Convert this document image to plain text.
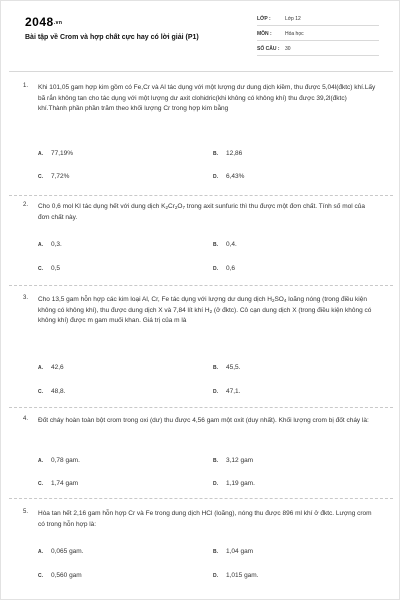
2048.vn
Bài tập về Crom và hợp chất cực hay có lời giải (P1)
LỚP :	Lớp 12
MÔN :	Hóa học
SỐ CÂU : 30
1. Khi 101,05 gam hợp kim gồm có Fe,Cr và Al tác dụng với một lượng dư dung dịch kiềm, thu được 5,04l(đktc) khí.Lấy bã rắn không tan cho tác dụng với một lượng dư axit clohidric(khi không có không khí) thu được 39,2l(đktc) khí.Thành phần phần trăm theo khối lượng Cr trong hợp kim bằng
A. 77,19%	B. 12,86
C. 7,72%	D. 6,43%
2. Cho 0,6 mol KI tác dụng hết với dung dịch $K_2Cr_2O_7$ trong axit sunfuric thì thu được một đơn chất. Tính số mol của đơn chất này.
A. 0,3.	B. 0,4.
C. 0,5	D. 0,6
3. Cho 13,5 gam hỗn hợp các kim loại Al, Cr, Fe tác dụng với lượng dư dung dịch $H_2SO_4$ loãng nóng (trong điều kiện không có không khí), thu được dung dịch X và 7,84 lít khí $H_2$ (ở đktc). Cô cạn dung dịch X (trong điều kiện không có không khí) được m gam muối khan. Giá trị của m là
A. 42,6	B. 45,5.
C. 48,8.	D. 47,1.
4. Đốt cháy hoàn toàn bột crom trong oxi (dư) thu được 4,56 gam một oxit (duy nhất). Khối lượng crom bị đốt cháy là:
A. 0,78 gam.	B. 3,12 gam
C. 1,74 gam	D. 1,19 gam.
5. Hòa tan hết 2,16 gam hỗn hợp Cr và Fe trong dung dịch HCl (loãng), nóng thu được 896 ml khí ở đktc. Lượng crom có trong hỗn hợp là:
A. 0,065 gam.	B. 1,04 gam
C. 0,560 gam	D. 1,015 gam.
